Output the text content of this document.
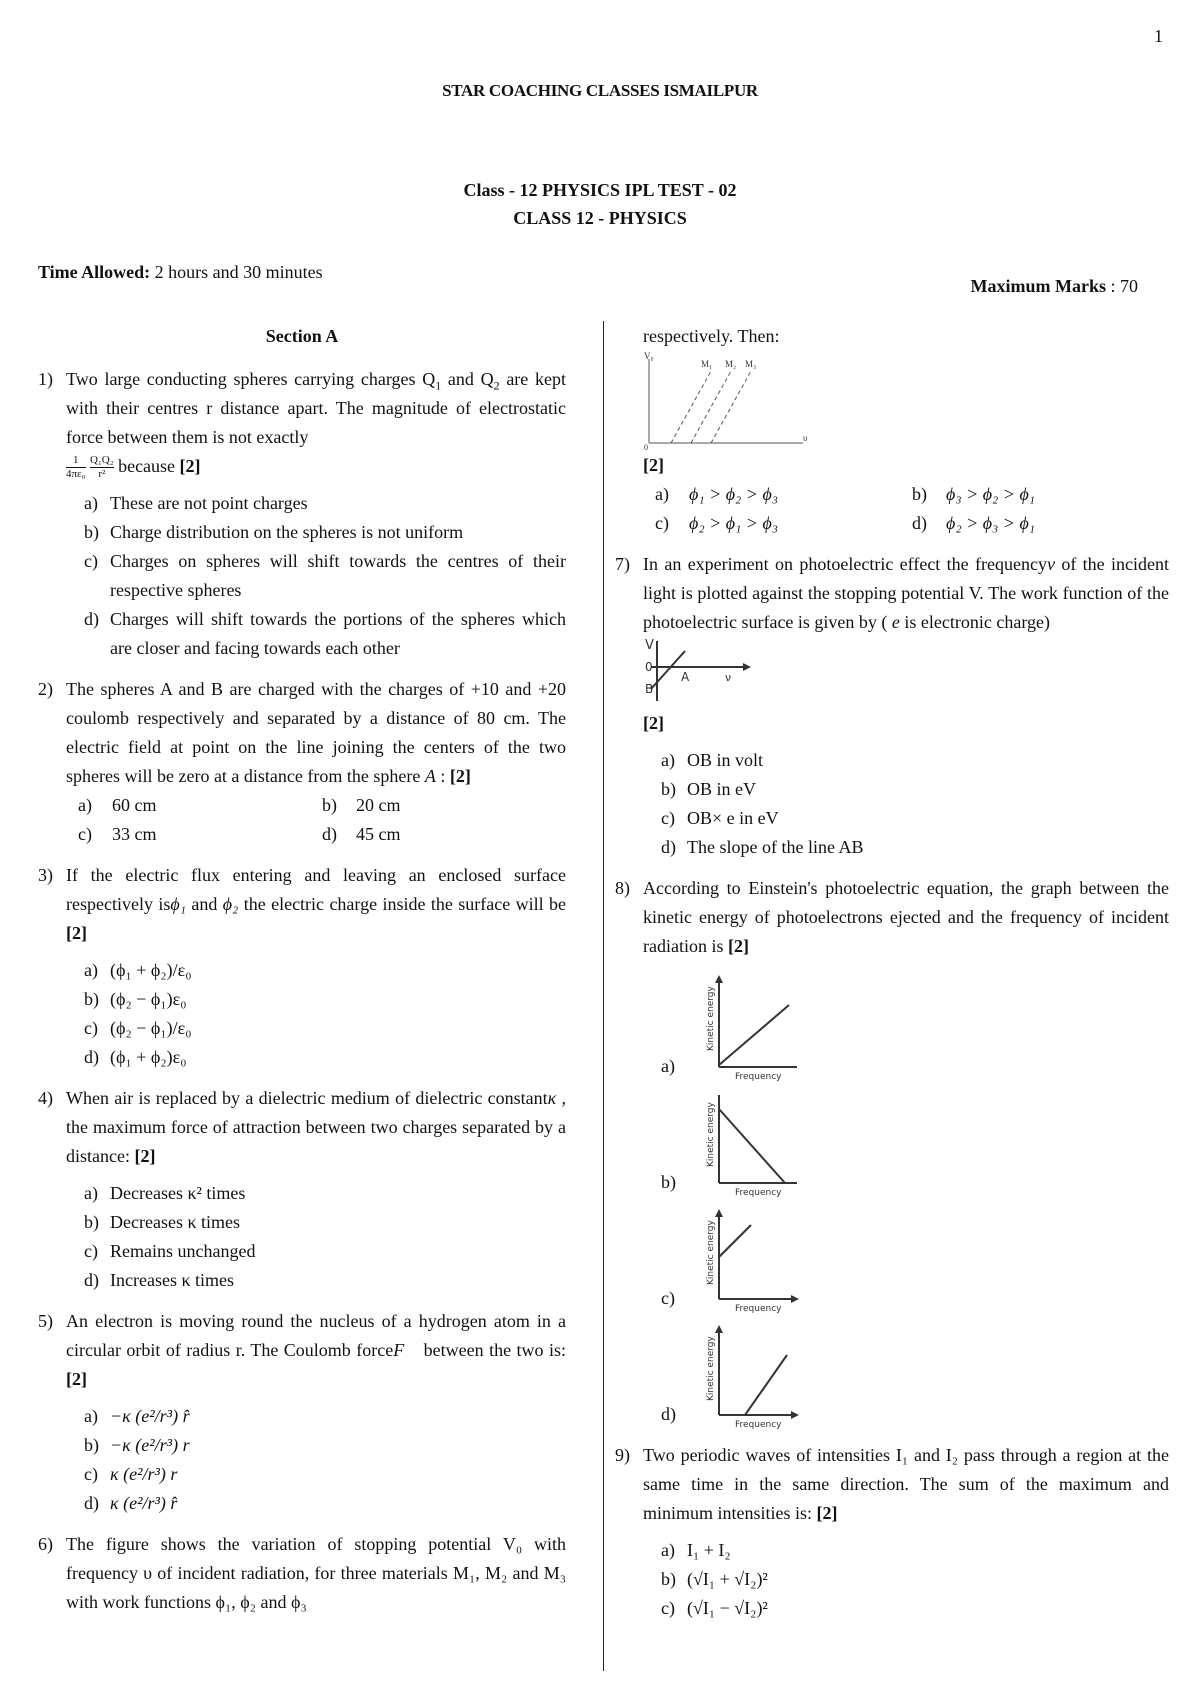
1
STAR COACHING CLASSES ISMAILPUR
Class - 12 PHYSICS IPL TEST - 02
CLASS 12 - PHYSICS
Time Allowed: 2 hours and 30 minutes
Maximum Marks : 70
Section A
1) Two large conducting spheres carrying charges $Q_1$ and $Q_2$ are kept with their centres r distance apart. The magnitude of electrostatic force between them is not exactly

$\frac{1}{\text{4πε₀}}$
$\frac{\text{Q₁Q₂}}{\text{r²}}$ because [2]
a) These are not point charges
b) Charge distribution on the spheres is not uniform
c) Charges on spheres will shift towards the centres of their respective spheres
d) Charges will shift towards the portions of the spheres which are closer and facing towards each other
2) The spheres A and B are charged with the charges of +10 and +20 coulomb respectively and separated by a distance of 80 cm. The electric field at point on the line joining the centers of the two spheres will be zero at a distance from the sphere A : [2]
a)	60 cm	b)	20 cm
c)	33 cm	d)	45 cm
3) If the electric flux entering and leaving an enclosed surface respectively isϕ₁ and ϕ₂ the electric charge inside the surface will be [2]
a) (ϕ₁ + ϕ₂)/ε₀
b) (ϕ₂ − ϕ₁)ε₀
c) (ϕ₂ − ϕ₁)/ε₀
d) (ϕ₁ + ϕ₂)ε₀
4) When air is replaced by a dielectric medium of dielectric constantκ , the maximum force of attraction between two charges separated by a distance: [2]
a) Decreases κ² times
b) Decreases κ times
c) Remains unchanged
d) Increases κ times
5) An electron is moving round the nucleus of a hydrogen atom in a circular orbit of radius r. The Coulomb forceF⃗ between the two is: [2]
a) −κ (e²/r³) r̂
b) −κ (e²/r³) r⃗
c) κ (e²/r³) r⃗
d) κ (e²/r³) r̂
6) The figure shows the variation of stopping potential V₀ with frequency υ of incident radiation, for three materials M₁, M₂ and M₃ with work functions ϕ₁, ϕ₂ and ϕ₃
respectively. Then:
V₀
M₁ M₂ M₃
υ
0
[2]
a)	ϕ₁ > ϕ₂ > ϕ₃	b)	ϕ₃ > ϕ₂ > ϕ₁
c)	ϕ₂ > ϕ₁ > ϕ₃	d)	ϕ₂ > ϕ₃ > ϕ₁
7) In an experiment on photoelectric effect the frequencyν of the incident light is plotted against the stopping potential V. The work function of the photoelectric surface is given by ( e is electronic charge)
V
0
A
B
ν
[2]
a) OB in volt
b) OB in eV
c) OB× e in eV
d) The slope of the line AB
8) According to Einstein's photoelectric equation, the graph between the kinetic energy of photoelectrons ejected and the frequency of incident radiation is [2]
a)
Kinetic energy
Frequency
b)
Kinetic energy
Frequency
c)
Kinetic energy
Frequency
d)
Kinetic energy
Frequency
9) Two periodic waves of intensities I₁ and I₂ pass through a region at the same time in the same direction. The sum of the maximum and minimum intensities is: [2]
a) I₁ + I₂
b) (√I₁ + √I₂)²
c) (√I₁ − √I₂)²
